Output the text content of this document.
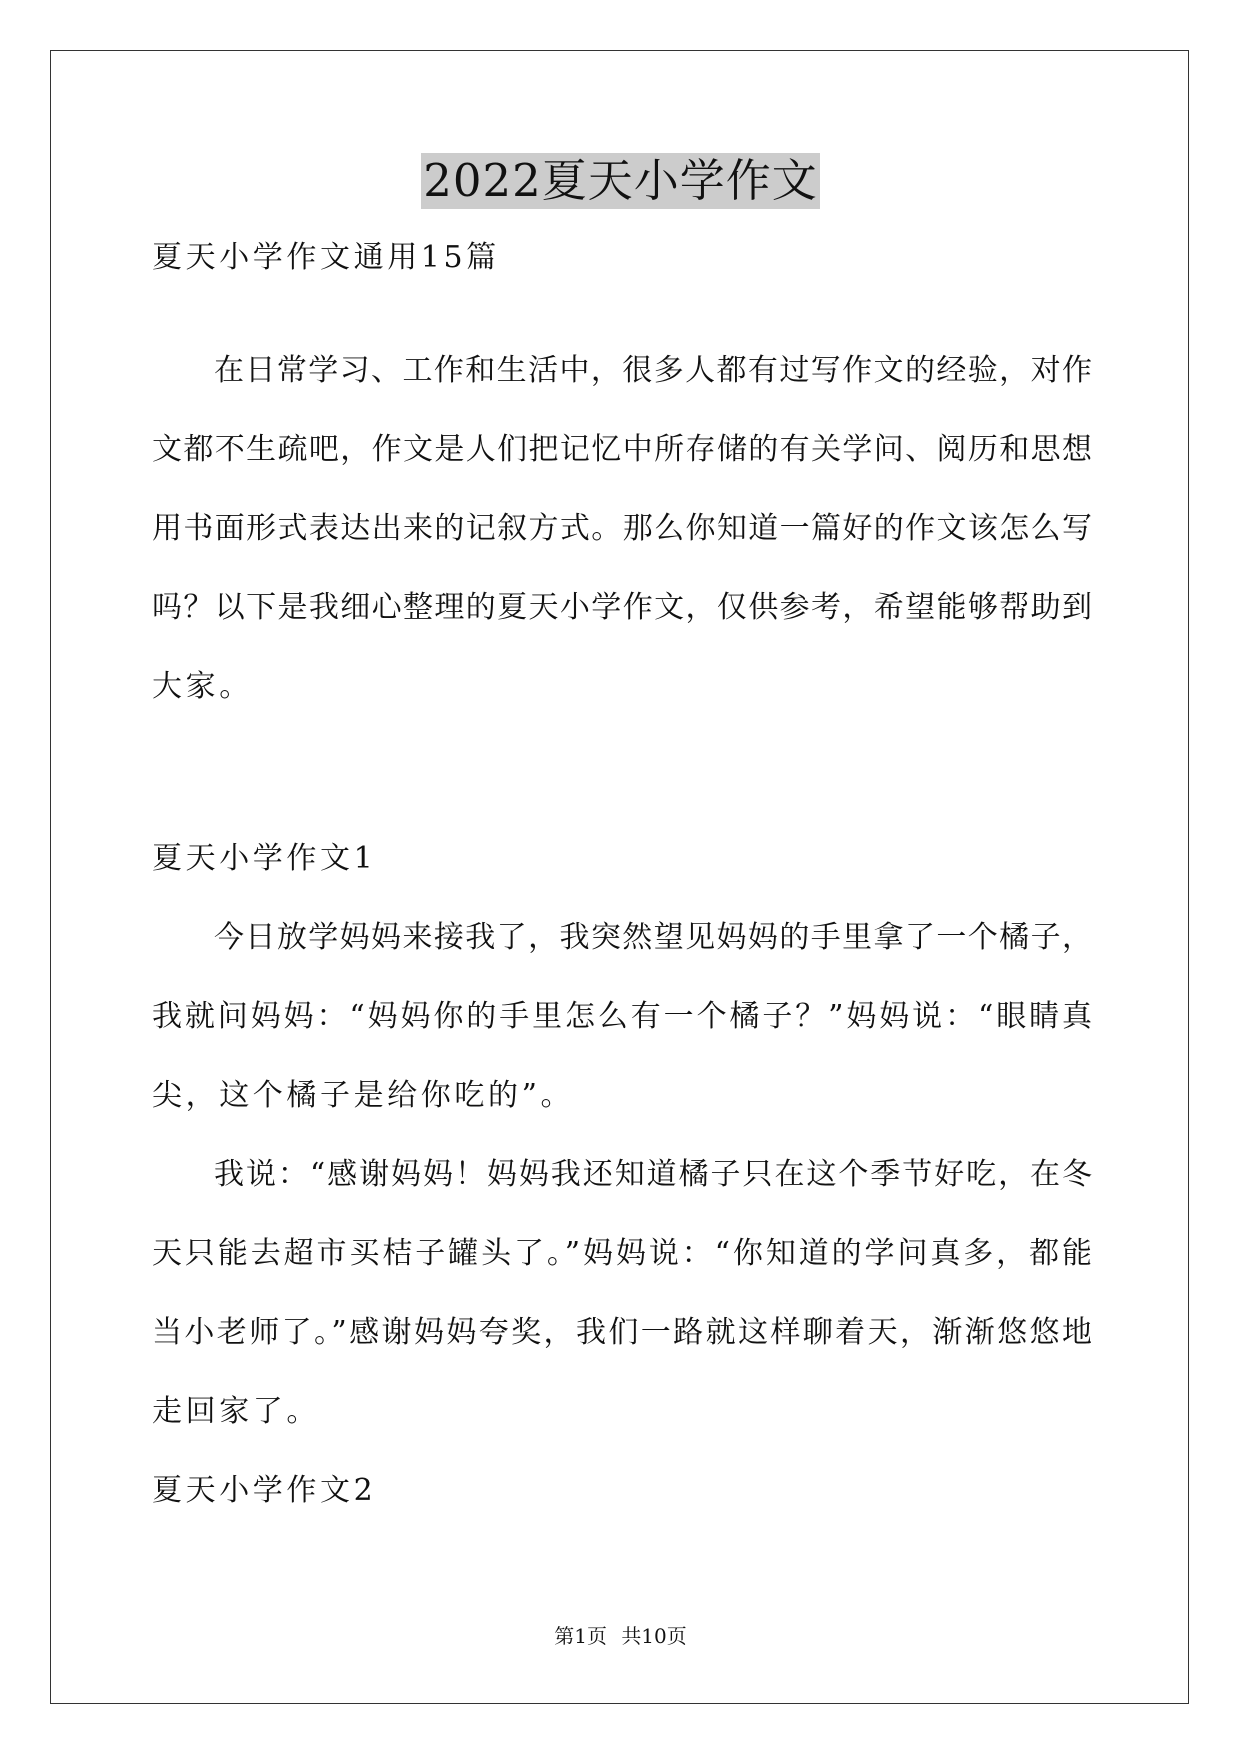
2022夏天小学作文
夏天小学作文通用15篇
在日常学习、工作和生活中，很多人都有过写作文的经验，对作
文都不生疏吧，作文是人们把记忆中所存储的有关学问、阅历和思想
用书面形式表达出来的记叙方式。那么你知道一篇好的作文该怎么写
吗？以下是我细心整理的夏天小学作文，仅供参考，希望能够帮助到
大家。
夏天小学作文1
今日放学妈妈来接我了，我突然望见妈妈的手里拿了一个橘子，
我就问妈妈：“妈妈你的手里怎么有一个橘子？”妈妈说：“眼睛真
尖，这个橘子是给你吃的”。
我说：“感谢妈妈！妈妈我还知道橘子只在这个季节好吃，在冬
天只能去超市买桔子罐头了。”妈妈说：“你知道的学问真多，都能
当小老师了。”感谢妈妈夸奖，我们一路就这样聊着天，渐渐悠悠地
走回家了。
夏天小学作文2
第1页 共10页
